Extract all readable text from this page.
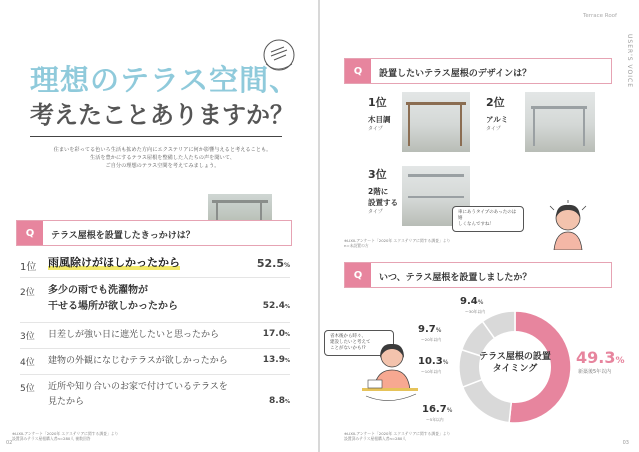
理想のテラス空間、
考えたことありますか？
住まいを彩ってる色いろ生活も拡めた方向にエクステリアに何か影響与えると考えることも。
生活を豊かにするテラス屋根を整備した人たちの声を聞いて、
ご自分の理想のテラス空間を考えてみましょう。
Q	テラス屋根を設置したきっかけは？
1位 雨風除けがほしかったから	52.5%
2位 多少の雨でも洗濯物が
干せる場所が欲しかったから	52.4%
3位 日差しが強い日に遮光したいと思ったから	17.0%
4位 建物の外観になじむテラスが欲しかったから	13.9%
5位 近所や知り合いのお家で付けているテラスを
見たから	8.8%
※LIXILアンケート「2020年 エクステリアに関する調査」より
設置済みテラス屋根購入者n=280人 複数回答
02
Terrace Roof
USER'S VOICE
Q	設置したいテラス屋根のデザインは？
1位
木目調
タイプ
2位
アルミ
タイプ
3位
2階に
設置する
タイプ	車にあうタイプのあったのは嬉
しくなんですね！
※LIXILアンケート「2020年 エクステリアに関する調査」より
n=未設置の方
Q	いつ、テラス屋根を設置しましたか？
省木後から時々、
建設したいと考えて
ことがないかも!?
テラス屋根の設置
タイミング
49.3%
新築後5年以内
9.4%
～30年以内
9.7%
～20年以内
10.3%
～10年以内
16.7%
～5年以内
※LIXILアンケート「2020年 エクステリアに関する調査」より
設置済みテラス屋根購入者n=280人
03
